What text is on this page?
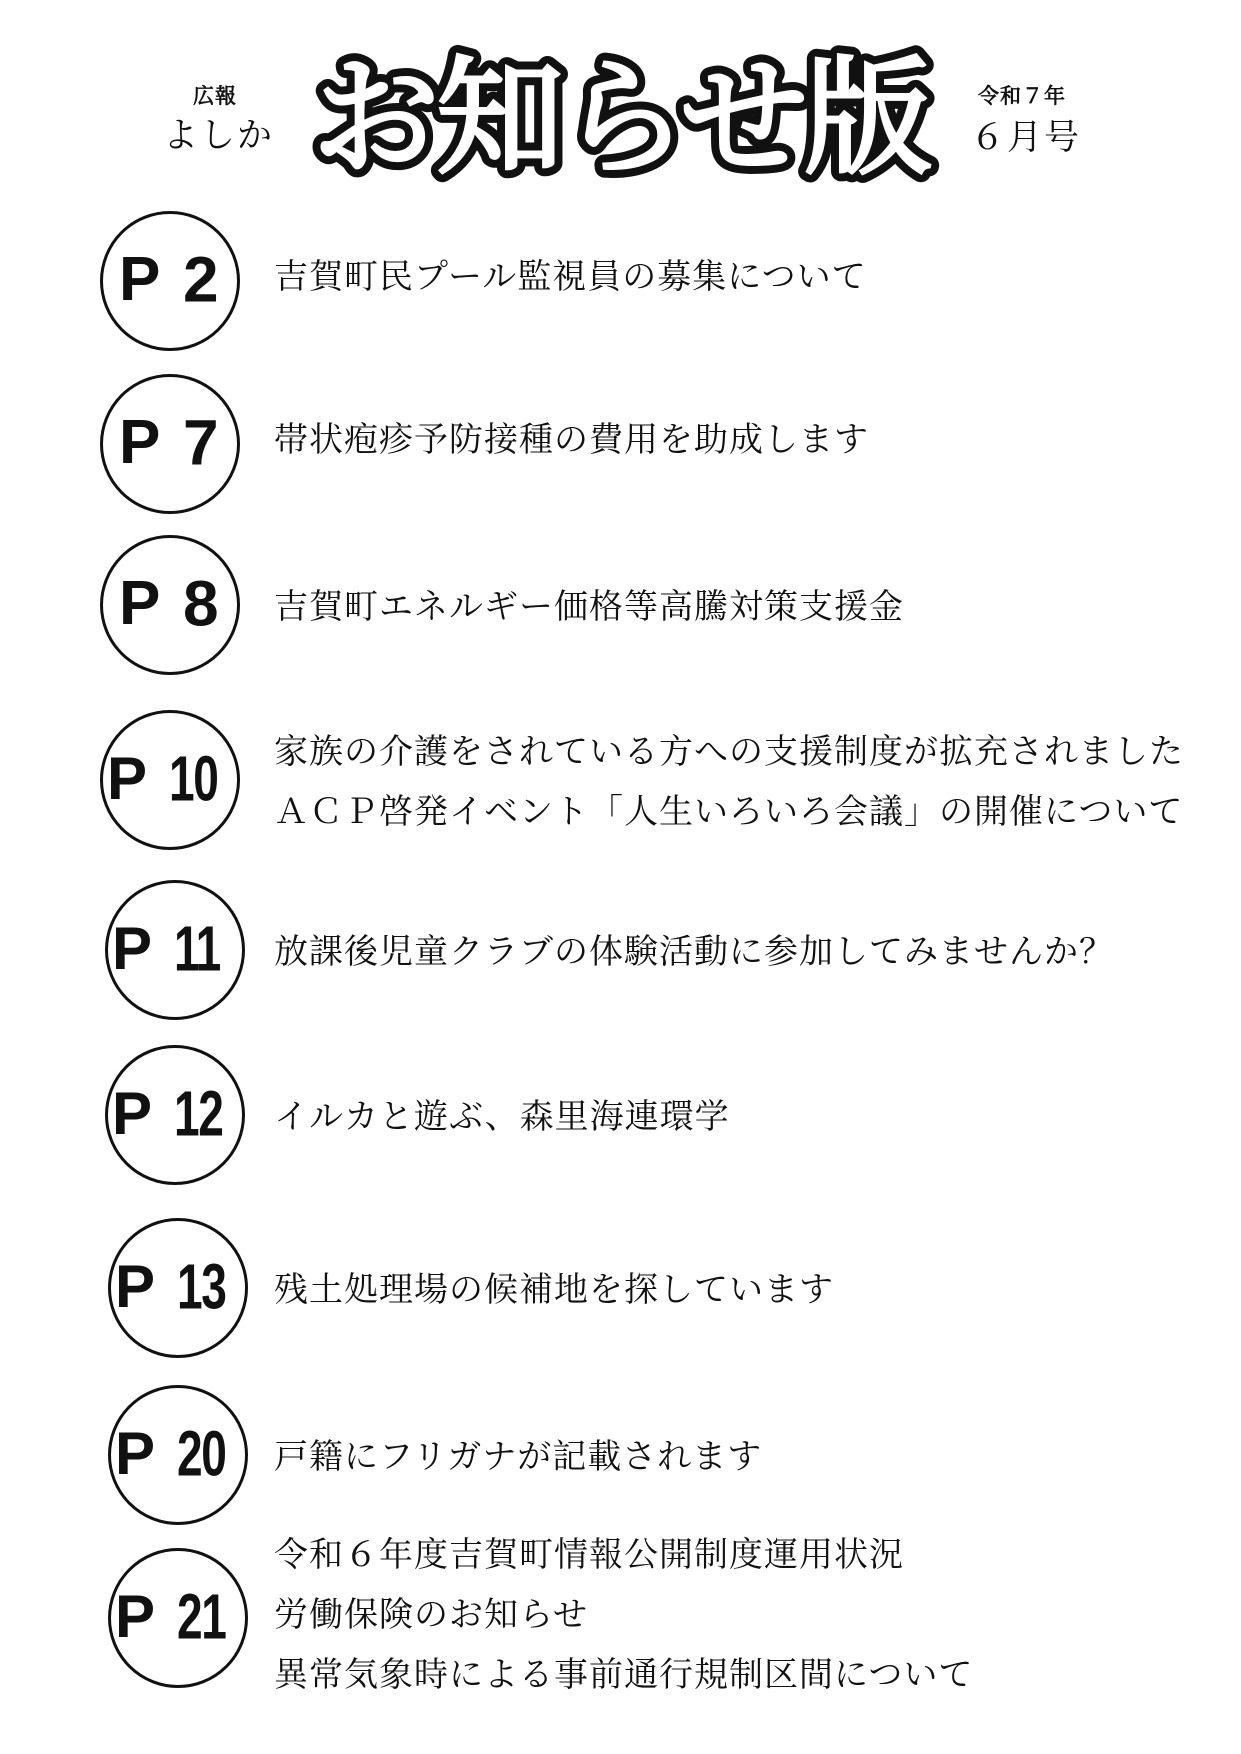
広報
よしか お知らせ版 令和７年
６月号
P 2 吉賀町民プール監視員の募集について
P 7 帯状疱疹予防接種の費用を助成します
P 8 吉賀町エネルギー価格等高騰対策支援金
P 10 家族の介護をされている方への支援制度が拡充されました
ＡＣＰ啓発イベント「人生いろいろ会議」の開催について
P 11 放課後児童クラブの体験活動に参加してみませんか？
P 12 イルカと遊ぶ、森里海連環学
P 13 残土処理場の候補地を探しています
P 20 戸籍にフリガナが記載されます
P 21
令和６年度吉賀町情報公開制度運用状況
労働保険のお知らせ
異常気象時による事前通行規制区間について
